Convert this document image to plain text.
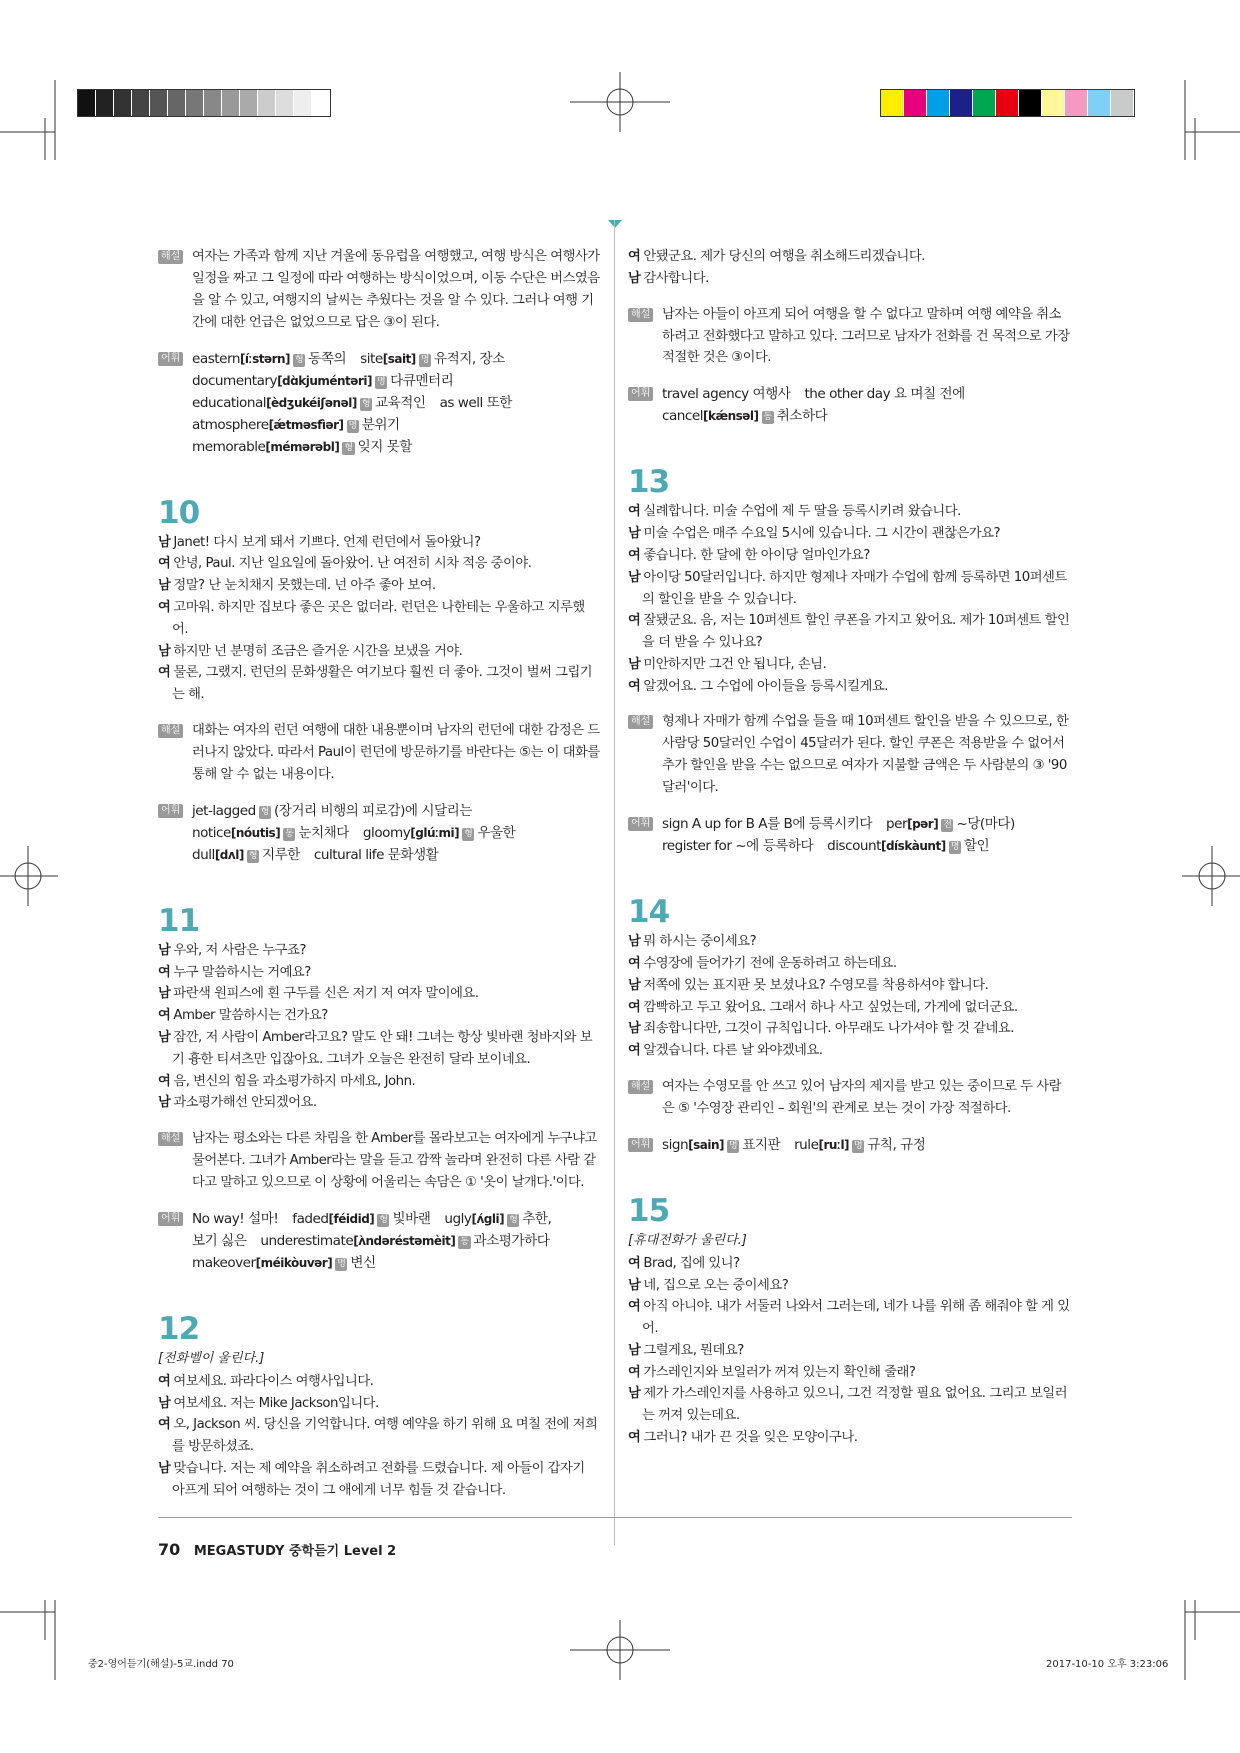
해설 여자는 가족과 함께 지난 겨울에 동유럽을 여행했고, 여행 방식은 여행사가 일정을 짜고 그 일정에 따라 여행하는 방식이었으며, 이동 수단은 버스였음을 알 수 있고, 여행지의 날씨는 추웠다는 것을 알 수 있다. 그러나 여행 기간에 대한 언급은 없었으므로 답은 ③이 된다.
어휘 eastern[íːstərn] 형 동쪽의 site[sait] 명 유적지, 장소
documentary[dɑ̀kjuméntəri] 명 다큐멘터리
educational[èdʒukéiʃənəl] 형 교육적인 as well 또한
atmosphere[ǽtməsfìər] 명 분위기
memorable[mémərəbl] 형 잊지 못할

10

남 Janet! 다시 보게 돼서 기쁘다. 언제 런던에서 돌아왔니?

여 안녕, Paul. 지난 일요일에 돌아왔어. 난 여전히 시차 적응 중이야.

남 정말? 난 눈치채지 못했는데. 넌 아주 좋아 보여.

여 고마워. 하지만 집보다 좋은 곳은 없더라. 런던은 나한테는 우울하고 지루했어.

남 하지만 넌 분명히 조금은 즐거운 시간을 보냈을 거야.

여 물론, 그랬지. 런던의 문화생활은 여기보다 훨씬 더 좋아. 그것이 벌써 그립기는 해.

해설 대화는 여자의 런던 여행에 대한 내용뿐이며 남자의 런던에 대한 감정은 드러나지 않았다. 따라서 Paul이 런던에 방문하기를 바란다는 ⑤는 이 대화를 통해 알 수 없는 내용이다.
어휘 jet-lagged 형 (장거리 비행의 피로감)에 시달리는
notice[nóutis] 동 눈치채다 gloomy[glúːmi] 형 우울한
dull[dʌl] 형 지루한 cultural life 문화생활

11

남 우와, 저 사람은 누구죠?

여 누구 말씀하시는 거예요?

남 파란색 원피스에 흰 구두를 신은 저기 저 여자 말이에요.

여 Amber 말씀하시는 건가요?

남 잠깐, 저 사람이 Amber라고요? 말도 안 돼! 그녀는 항상 빛바랜 청바지와 보기 흉한 티셔츠만 입잖아요. 그녀가 오늘은 완전히 달라 보이네요.

여 음, 변신의 힘을 과소평가하지 마세요, John.

남 과소평가해선 안되겠어요.

해설 남자는 평소와는 다른 차림을 한 Amber를 몰라보고는 여자에게 누구냐고 물어본다. 그녀가 Amber라는 말을 듣고 깜짝 놀라며 완전히 다른 사람 같다고 말하고 있으므로 이 상황에 어울리는 속담은 ① '옷이 날개다.'이다.
어휘 No way! 설마! faded[féidid] 형 빛바랜 ugly[ʌ́gli] 형 추한,
보기 싫은 underestimate[ʌ̀ndəréstəmèit] 동 과소평가하다
makeover[méikòuvər] 명 변신

12

[전화벨이 울린다.]

여 여보세요. 파라다이스 여행사입니다.

남 여보세요. 저는 Mike Jackson입니다.

여 오, Jackson 씨. 당신을 기억합니다. 여행 예약을 하기 위해 요 며칠 전에 저희를 방문하셨죠.

남 맞습니다. 저는 제 예약을 취소하려고 전화를 드렸습니다. 제 아들이 갑자기 아프게 되어 여행하는 것이 그 애에게 너무 힘들 것 같습니다.

여 안됐군요. 제가 당신의 여행을 취소해드리겠습니다.

남 감사합니다.

해설 남자는 아들이 아프게 되어 여행을 할 수 없다고 말하며 여행 예약을 취소하려고 전화했다고 말하고 있다. 그러므로 남자가 전화를 건 목적으로 가장 적절한 것은 ③이다.
어휘 travel agency 여행사 the other day 요 며칠 전에
cancel[kǽnsəl] 동 취소하다

13

여 실례합니다. 미술 수업에 제 두 딸을 등록시키려 왔습니다.

남 미술 수업은 매주 수요일 5시에 있습니다. 그 시간이 괜찮은가요?

여 좋습니다. 한 달에 한 아이당 얼마인가요?

남 아이당 50달러입니다. 하지만 형제나 자매가 수업에 함께 등록하면 10퍼센트의 할인을 받을 수 있습니다.

여 잘됐군요. 음, 저는 10퍼센트 할인 쿠폰을 가지고 왔어요. 제가 10퍼센트 할인을 더 받을 수 있나요?

남 미안하지만 그건 안 됩니다, 손님.

여 알겠어요. 그 수업에 아이들을 등록시킬게요.

해설 형제나 자매가 함께 수업을 들을 때 10퍼센트 할인을 받을 수 있으므로, 한 사람당 50달러인 수업이 45달러가 된다. 할인 쿠폰은 적용받을 수 없어서 추가 할인을 받을 수는 없으므로 여자가 지불할 금액은 두 사람분의 ③ '90달러'이다.
어휘 sign A up for B A를 B에 등록시키다 per[pər] 전 ~당(마다)
register for ~에 등록하다 discount[dískàunt] 명 할인

14

남 뭐 하시는 중이세요?

여 수영장에 들어가기 전에 운동하려고 하는데요.

남 저쪽에 있는 표지판 못 보셨나요? 수영모를 착용하셔야 합니다.

여 깜빡하고 두고 왔어요. 그래서 하나 사고 싶었는데, 가게에 없더군요.

남 죄송합니다만, 그것이 규칙입니다. 아무래도 나가셔야 할 것 같네요.

여 알겠습니다. 다른 날 와야겠네요.

해설 여자는 수영모를 안 쓰고 있어 남자의 제지를 받고 있는 중이므로 두 사람은 ⑤ '수영장 관리인 – 회원'의 관계로 보는 것이 가장 적절하다.
어휘 sign[sain] 명 표지판 rule[ruːl] 명 규칙, 규정

15

[휴대전화가 울린다.]

여 Brad, 집에 있니?

남 네, 집으로 오는 중이세요?

여 아직 아니야. 내가 서둘러 나와서 그러는데, 네가 나를 위해 좀 해줘야 할 게 있어.

남 그럴게요, 뭔데요?

여 가스레인지와 보일러가 꺼져 있는지 확인해 줄래?

남 제가 가스레인지를 사용하고 있으니, 그건 걱정할 필요 없어요. 그리고 보일러는 꺼져 있는데요.

여 그러니? 내가 끈 것을 잊은 모양이구나.

70 MEGASTUDY 중학듣기 Level 2
중2-영어듣기(해설)-5교.indd 70	2017-10-10 오후 3:23:06
